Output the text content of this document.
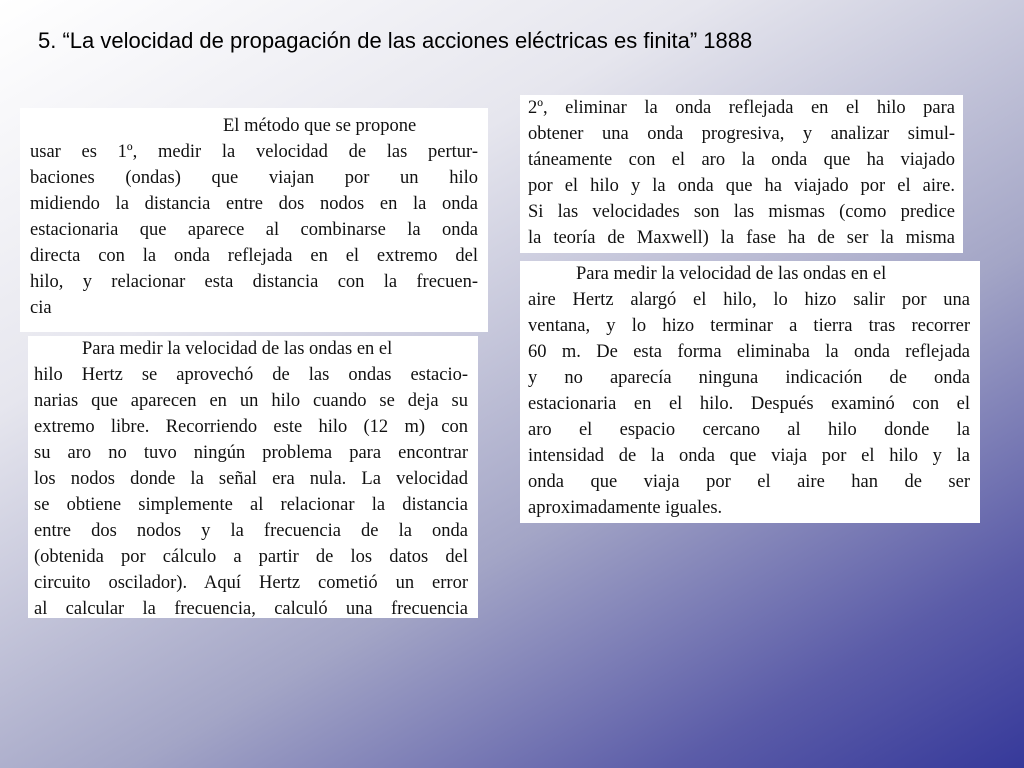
5. “La velocidad de propagación de las acciones eléctricas es finita” 1888
El método que se propone
usar es 1º, medir la velocidad de las pertur-
baciones (ondas) que viajan por un hilo
midiendo la distancia entre dos nodos en la onda
estacionaria que aparece al combinarse la onda
directa con la onda reflejada en el extremo del
hilo, y relacionar esta distancia con la frecuen-
cia
Para medir la velocidad de las ondas en el
hilo Hertz se aprovechó de las ondas estacio-
narias que aparecen en un hilo cuando se deja su
extremo libre. Recorriendo este hilo (12 m) con
su aro no tuvo ningún problema para encontrar
los nodos donde la señal era nula. La velocidad
se obtiene simplemente al relacionar la distancia
entre dos nodos y la frecuencia de la onda
(obtenida por cálculo a partir de los datos del
circuito oscilador). Aquí Hertz cometió un error
al calcular la frecuencia, calculó una frecuencia
2º, eliminar la onda reflejada en el hilo para
obtener una onda progresiva, y analizar simul-
táneamente con el aro la onda que ha viajado
por el hilo y la onda que ha viajado por el aire.
Si las velocidades son las mismas (como predice
la teoría de Maxwell) la fase ha de ser la misma
Para medir la velocidad de las ondas en el
aire Hertz alargó el hilo, lo hizo salir por una
ventana, y lo hizo terminar a tierra tras recorrer
60 m. De esta forma eliminaba la onda reflejada
y no aparecía ninguna indicación de onda
estacionaria en el hilo. Después examinó con el
aro el espacio cercano al hilo donde la
intensidad de la onda que viaja por el hilo y la
onda que viaja por el aire han de ser
aproximadamente iguales.
